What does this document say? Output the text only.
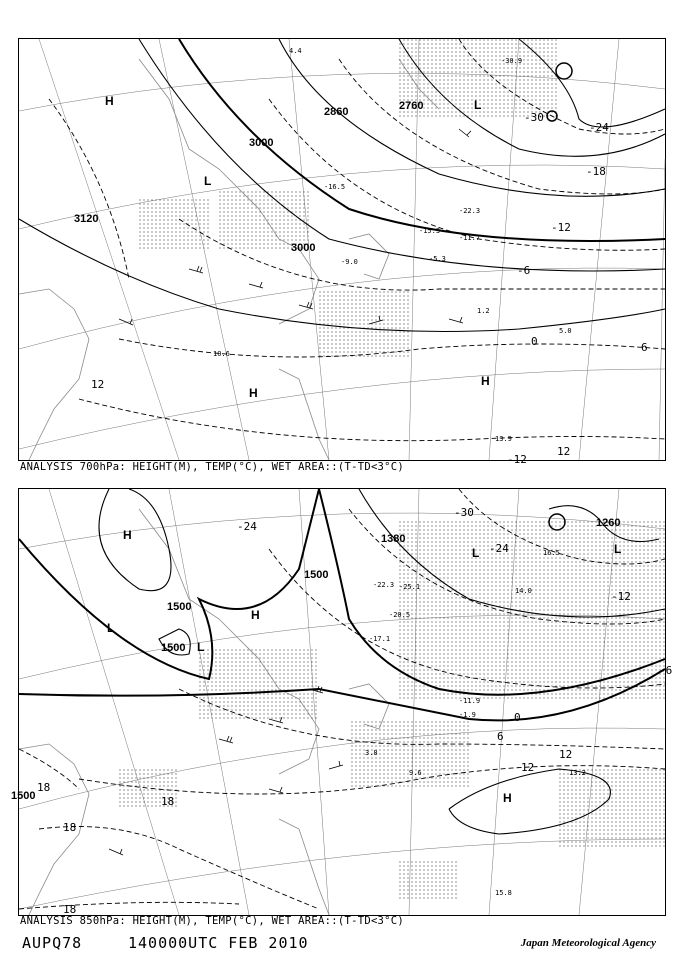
3000
2860	2760
3120
3000
-30
-24
-18
-12
-6
0	6
12
12
-12
H
L
L
H
H
-9.0
-16.5
-22.3
-11.7
-5.3
1.2
13.9
5.0
10.6
-30.9
4.4
-15.3
ANALYSIS 700hPa: HEIGHT(M), TEMP(°C), WET AREA::(T-TD<3°C)
1500
1500
1500
1380
1260
1500
-30
-24
-24
-12
-6
0
6
12
12
18
18
18
18
H
L
L
H
L	L
H
-25.1
-20.5
-17.1
-11.9
-1.9
3.8
9.6	13.2
15.8
16.5
-22.3
14.0
ANALYSIS 850hPa: HEIGHT(M), TEMP(°C), WET AREA::(T-TD<3°C)
AUPQ78	140000UTC FEB 2010	Japan Meteorological Agency
